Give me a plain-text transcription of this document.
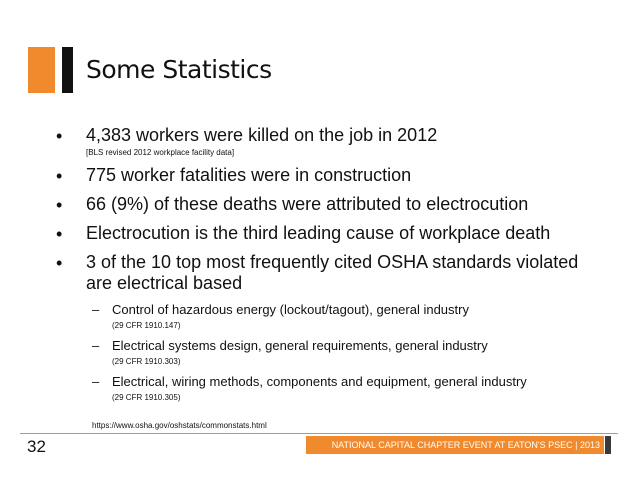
Some Statistics
• 4,383 workers were killed on the job in 2012
[BLS revised 2012 workplace facility data]
• 775 worker fatalities were in construction
• 66 (9%) of these deaths were attributed to electrocution
• Electrocution is the third leading cause of workplace death
• 3 of the 10 top most frequently cited OSHA standards violated are electrical based
– Control of hazardous energy (lockout/tagout), general industry
(29 CFR 1910.147)
– Electrical systems design, general requirements, general industry
(29 CFR 1910.303)
– Electrical, wiring methods, components and equipment, general industry
(29 CFR 1910.305)
https://www.osha.gov/oshstats/commonstats.html
32	NATIONAL CAPITAL CHAPTER EVENT AT EATON'S PSEC | 2013
